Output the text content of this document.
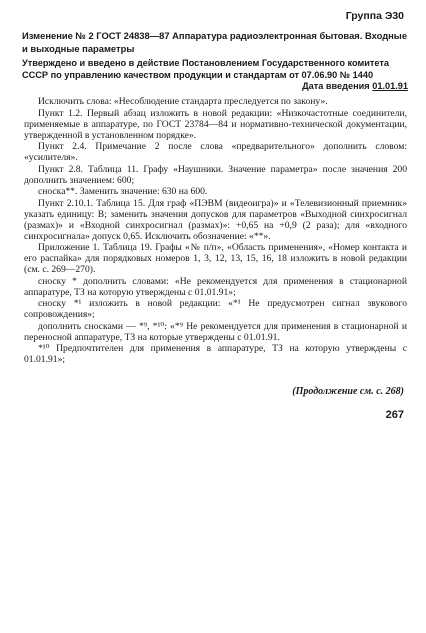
Группа Э30
Изменение № 2 ГОСТ 24838—87 Аппаратура радиоэлектронная бытовая. Входные и выходные параметры
Утверждено и введено в действие Постановлением Государственного комитета СССР по управлению качеством продукции и стандартам от 07.06.90 № 1440
Дата введения 01.01.91

Исключить слова: «Несоблюдение стандарта преследуется по закону».

Пункт 1.2. Первый абзац изложить в новой редакции: «Низкочастотные соединители, применяемые в аппаратуре, по ГОСТ 23784—84 и нормативно-технической документации, утвержденной в установленном порядке».

Пункт 2.4. Примечание 2 после слова «предварительного» дополнить словом: «усилителя».

Пункт 2.8. Таблица 11. Графу «Наушники. Значение параметра» после значения 200 дополнить значением: 600;

сноска**. Заменить значение: 630 на 600.

Пункт 2.10.1. Таблица 15. Для граф «ПЭВМ (видеоигра)» и «Телевизионный приемник» указать единицу: В; заменить значения допусков для параметров «Выходной синхросигнал (размах)» и «Входной синхросигнал (размах)»: +0,65 на +0,9 (2 раза); для «входного синхросигнала» допуск 0,65. Исключить обозначение: «**».

Приложение 1. Таблица 19. Графы «№ п/п», «Область применения», «Номер контакта и его распайка» для порядковых номеров 1, 3, 12, 13, 15, 16, 18 изложить в новой редакции (см. с. 269—270).

сноску * дополнить словами: «Не рекомендуется для применения в стационарной аппаратуре, ТЗ на которую утверждены с 01.01.91»;

сноску *¹ изложить в новой редакции: «*¹ Не предусмотрен сигнал звукового сопровождения»;

дополнить сносками — *⁹, *¹⁰: «*⁹ Не рекомендуется для применения в стационарной и переносной аппаратуре, ТЗ на которые утверждены с 01.01.91.

*¹⁰ Предпочтителен для применения в аппаратуре, ТЗ на которую утверждены с 01.01.91»;

(Продолжение см. с. 268)
267
